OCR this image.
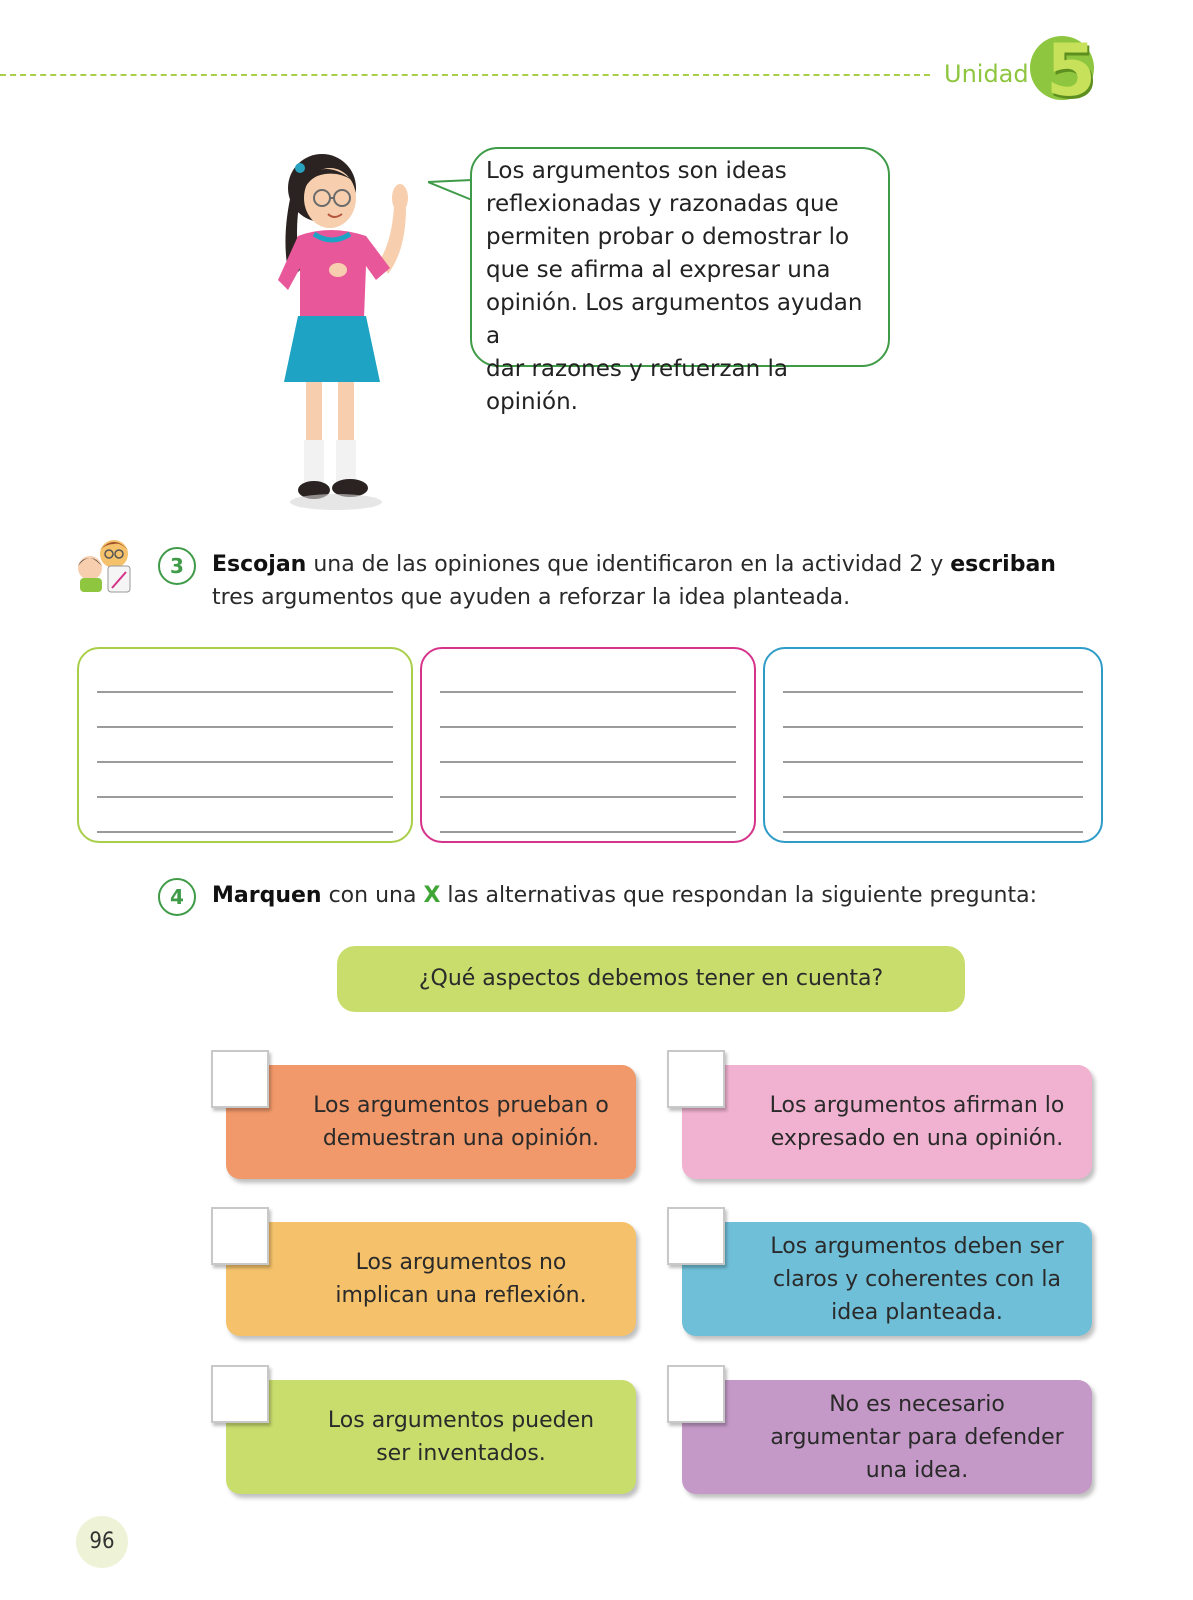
Unidad 5
Los argumentos son ideas
reflexionadas y razonadas que
permiten probar o demostrar lo
que se afirma al expresar una
opinión. Los argumentos ayudan a
dar razones y refuerzan la opinión.
3	Escojan una de las opiniones que identificaron en la actividad 2 y escriban
tres argumentos que ayuden a reforzar la idea planteada.
4	Marquen con una X las alternativas que respondan la siguiente pregunta:
¿Qué aspectos debemos tener en cuenta?
Los argumentos prueban o
demuestran una opinión.
Los argumentos afirman lo
expresado en una opinión.
Los argumentos no
implican una reflexión.
Los argumentos deben ser
claros y coherentes con la
idea planteada.
Los argumentos pueden
ser inventados.
No es necesario
argumentar para defender
una idea.
96
